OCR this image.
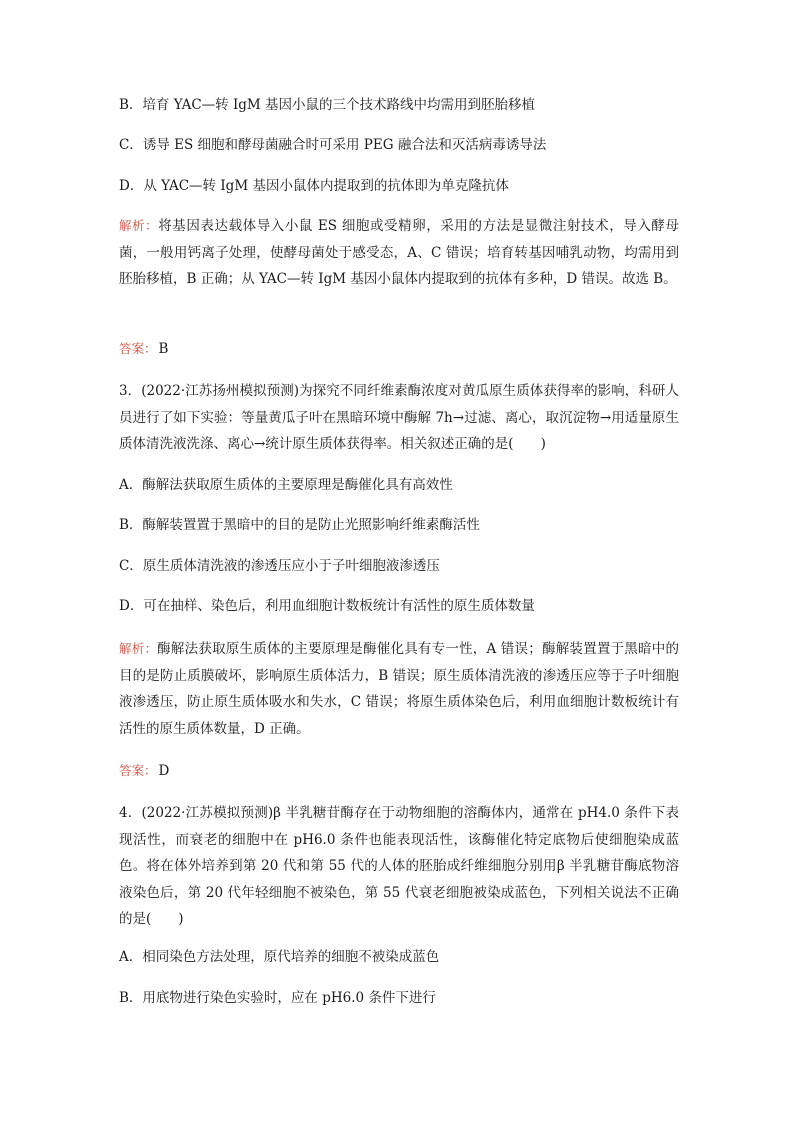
B．培育 YAC—转 IgM 基因小鼠的三个技术路线中均需用到胚胎移植
C．诱导 ES 细胞和酵母菌融合时可采用 PEG 融合法和灭活病毒诱导法
D．从 YAC—转 IgM 基因小鼠体内提取到的抗体即为单克隆抗体
解析：将基因表达载体导入小鼠 ES 细胞或受精卵，采用的方法是显微注射技术，导入酵母菌，一般用钙离子处理，使酵母菌处于感受态，A、C 错误；培育转基因哺乳动物，均需用到胚胎移植，B 正确；从 YAC—转 IgM 基因小鼠体内提取到的抗体有多种，D 错误。故选 B。
答案： B
3．(2022·江苏扬州模拟预测)为探究不同纤维素酶浓度对黄瓜原生质体获得率的影响，科研人员进行了如下实验：等量黄瓜子叶在黑暗环境中酶解 7h→过滤、离心，取沉淀物→用适量原生质体清洗液洗涤、离心→统计原生质体获得率。相关叙述正确的是(　　)
A．酶解法获取原生质体的主要原理是酶催化具有高效性
B．酶解装置置于黑暗中的目的是防止光照影响纤维素酶活性
C．原生质体清洗液的渗透压应小于子叶细胞液渗透压
D．可在抽样、染色后，利用血细胞计数板统计有活性的原生质体数量
解析：酶解法获取原生质体的主要原理是酶催化具有专一性，A 错误；酶解装置置于黑暗中的目的是防止质膜破坏，影响原生质体活力，B 错误；原生质体清洗液的渗透压应等于子叶细胞液渗透压，防止原生质体吸水和失水，C 错误；将原生质体染色后，利用血细胞计数板统计有活性的原生质体数量，D 正确。
答案： D
4．(2022·江苏模拟预测)β 半乳糖苷酶存在于动物细胞的溶酶体内，通常在 pH4.0 条件下表现活性，而衰老的细胞中在 pH6.0 条件也能表现活性，该酶催化特定底物后使细胞染成蓝色。将在体外培养到第 20 代和第 55 代的人体的胚胎成纤维细胞分别用β 半乳糖苷酶底物溶液染色后，第 20 代年轻细胞不被染色，第 55 代衰老细胞被染成蓝色，下列相关说法不正确的是(　　)
A．相同染色方法处理，原代培养的细胞不被染成蓝色
B．用底物进行染色实验时，应在 pH6.0 条件下进行
